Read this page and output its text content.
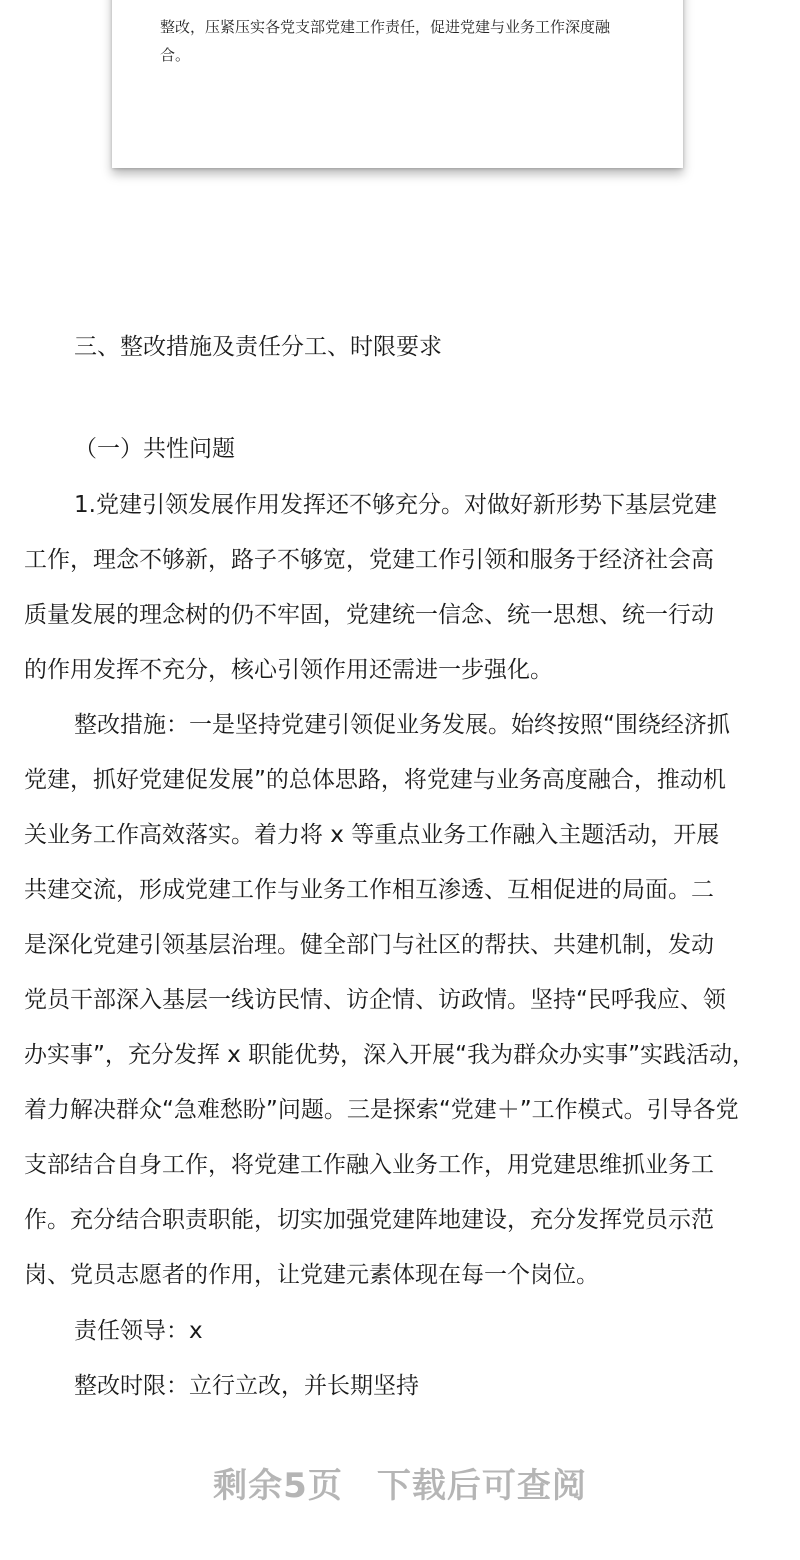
整改，压紧压实各党支部党建工作责任，促进党建与业务工作深度融
合。
三、整改措施及责任分工、时限要求
（一）共性问题
1.党建引领发展作用发挥还不够充分。对做好新形势下基层党建
工作，理念不够新，路子不够宽，党建工作引领和服务于经济社会高
质量发展的理念树的仍不牢固，党建统一信念、统一思想、统一行动
的作用发挥不充分，核心引领作用还需进一步强化。
整改措施：一是坚持党建引领促业务发展。始终按照“围绕经济抓
党建，抓好党建促发展”的总体思路，将党建与业务高度融合，推动机
关业务工作高效落实。着力将 x 等重点业务工作融入主题活动，开展
共建交流，形成党建工作与业务工作相互渗透、互相促进的局面。二
是深化党建引领基层治理。健全部门与社区的帮扶、共建机制，发动
党员干部深入基层一线访民情、访企情、访政情。坚持“民呼我应、领
办实事”，充分发挥 x 职能优势，深入开展“我为群众办实事”实践活动，
着力解决群众“急难愁盼”问题。三是探索“党建＋”工作模式。引导各党
支部结合自身工作，将党建工作融入业务工作，用党建思维抓业务工
作。充分结合职责职能，切实加强党建阵地建设，充分发挥党员示范
岗、党员志愿者的作用，让党建元素体现在每一个岗位。
责任领导：x
整改时限：立行立改，并长期坚持
剩余5页 下载后可查阅
